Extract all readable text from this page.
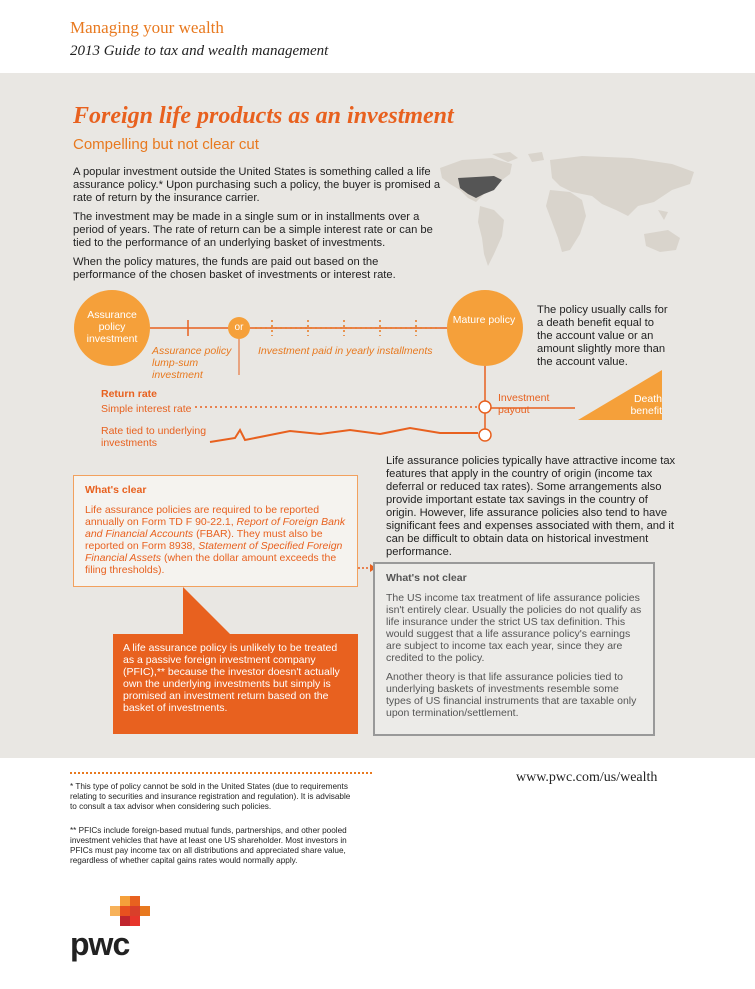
Managing your wealth
2013 Guide to tax and wealth management
Foreign life products as an investment
Compelling but not clear cut
A popular investment outside the United States is something called a life assurance policy.* Upon purchasing such a policy, the buyer is promised a rate of return by the insurance carrier.
The investment may be made in a single sum or in installments over a period of years. The rate of return can be a simple interest rate or can be tied to the performance of an underlying basket of investments.
When the policy matures, the funds are paid out based on the performance of the chosen basket of investments or interest rate.
Assurance policy investment
or
Assurance policy lump-sum investment
Investment paid in yearly installments
Mature policy
The policy usually calls for a death benefit equal to the account value or an amount slightly more than the account value.
Return rate
Simple interest rate
Rate tied to underlying investments
Investment payout
Death benefit
Life assurance policies typically have attractive income tax features that apply in the country of origin (income tax deferral or reduced tax rates). Some arrangements also provide important estate tax savings in the country of origin. However, life assurance policies also tend to have significant fees and expenses associated with them, and it can be difficult to obtain data on historical investment performance.
What's clear
Life assurance policies are required to be reported annually on Form TD F 90-22.1, Report of Foreign Bank and Financial Accounts (FBAR). They must also be reported on Form 8938, Statement of Specified Foreign Financial Assets (when the dollar amount exceeds the filing thresholds).
A life assurance policy is unlikely to be treated as a passive foreign investment company (PFIC),** because the investor doesn't actually own the underlying investments but simply is promised an investment return based on the basket of investments.
What's not clear
The US income tax treatment of life assurance policies isn't entirely clear. Usually the policies do not qualify as life insurance under the strict US tax definition. This would suggest that a life assurance policy's earnings are subject to income tax each year, since they are credited to the policy.
Another theory is that life assurance policies tied to underlying baskets of investments resemble some types of US financial instruments that are taxable only upon termination/settlement.
* This type of policy cannot be sold in the United States (due to requirements relating to securities and insurance registration and regulation). It is advisable to consult a tax advisor when considering such policies.
** PFICs include foreign-based mutual funds, partnerships, and other pooled investment vehicles that have at least one US shareholder. Most investors in PFICs must pay income tax on all distributions and appreciated share value, regardless of whether capital gains rates would normally apply.
www.pwc.com/us/wealth
pwc
